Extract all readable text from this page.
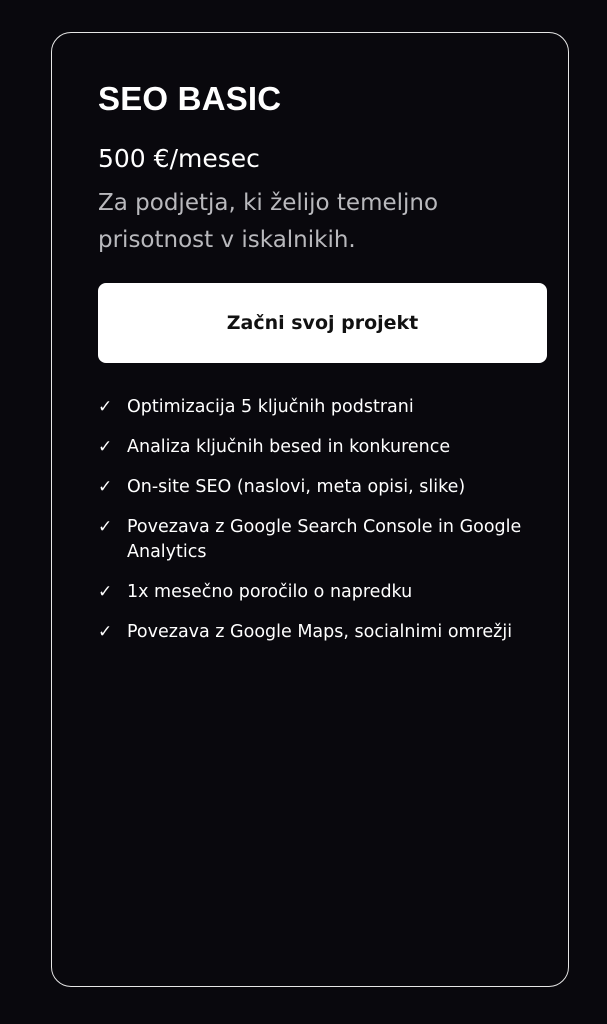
SEO BASIC
500 €/mesec
Za podjetja, ki želijo temeljno prisotnost v iskalnikih.
Začni svoj projekt
✓ Optimizacija 5 ključnih podstrani
✓ Analiza ključnih besed in konkurence
✓ On-site SEO (naslovi, meta opisi, slike)
✓ Povezava z Google Search Console in Google Analytics
✓ 1x mesečno poročilo o napredku
✓ Povezava z Google Maps, socialnimi omrežji
